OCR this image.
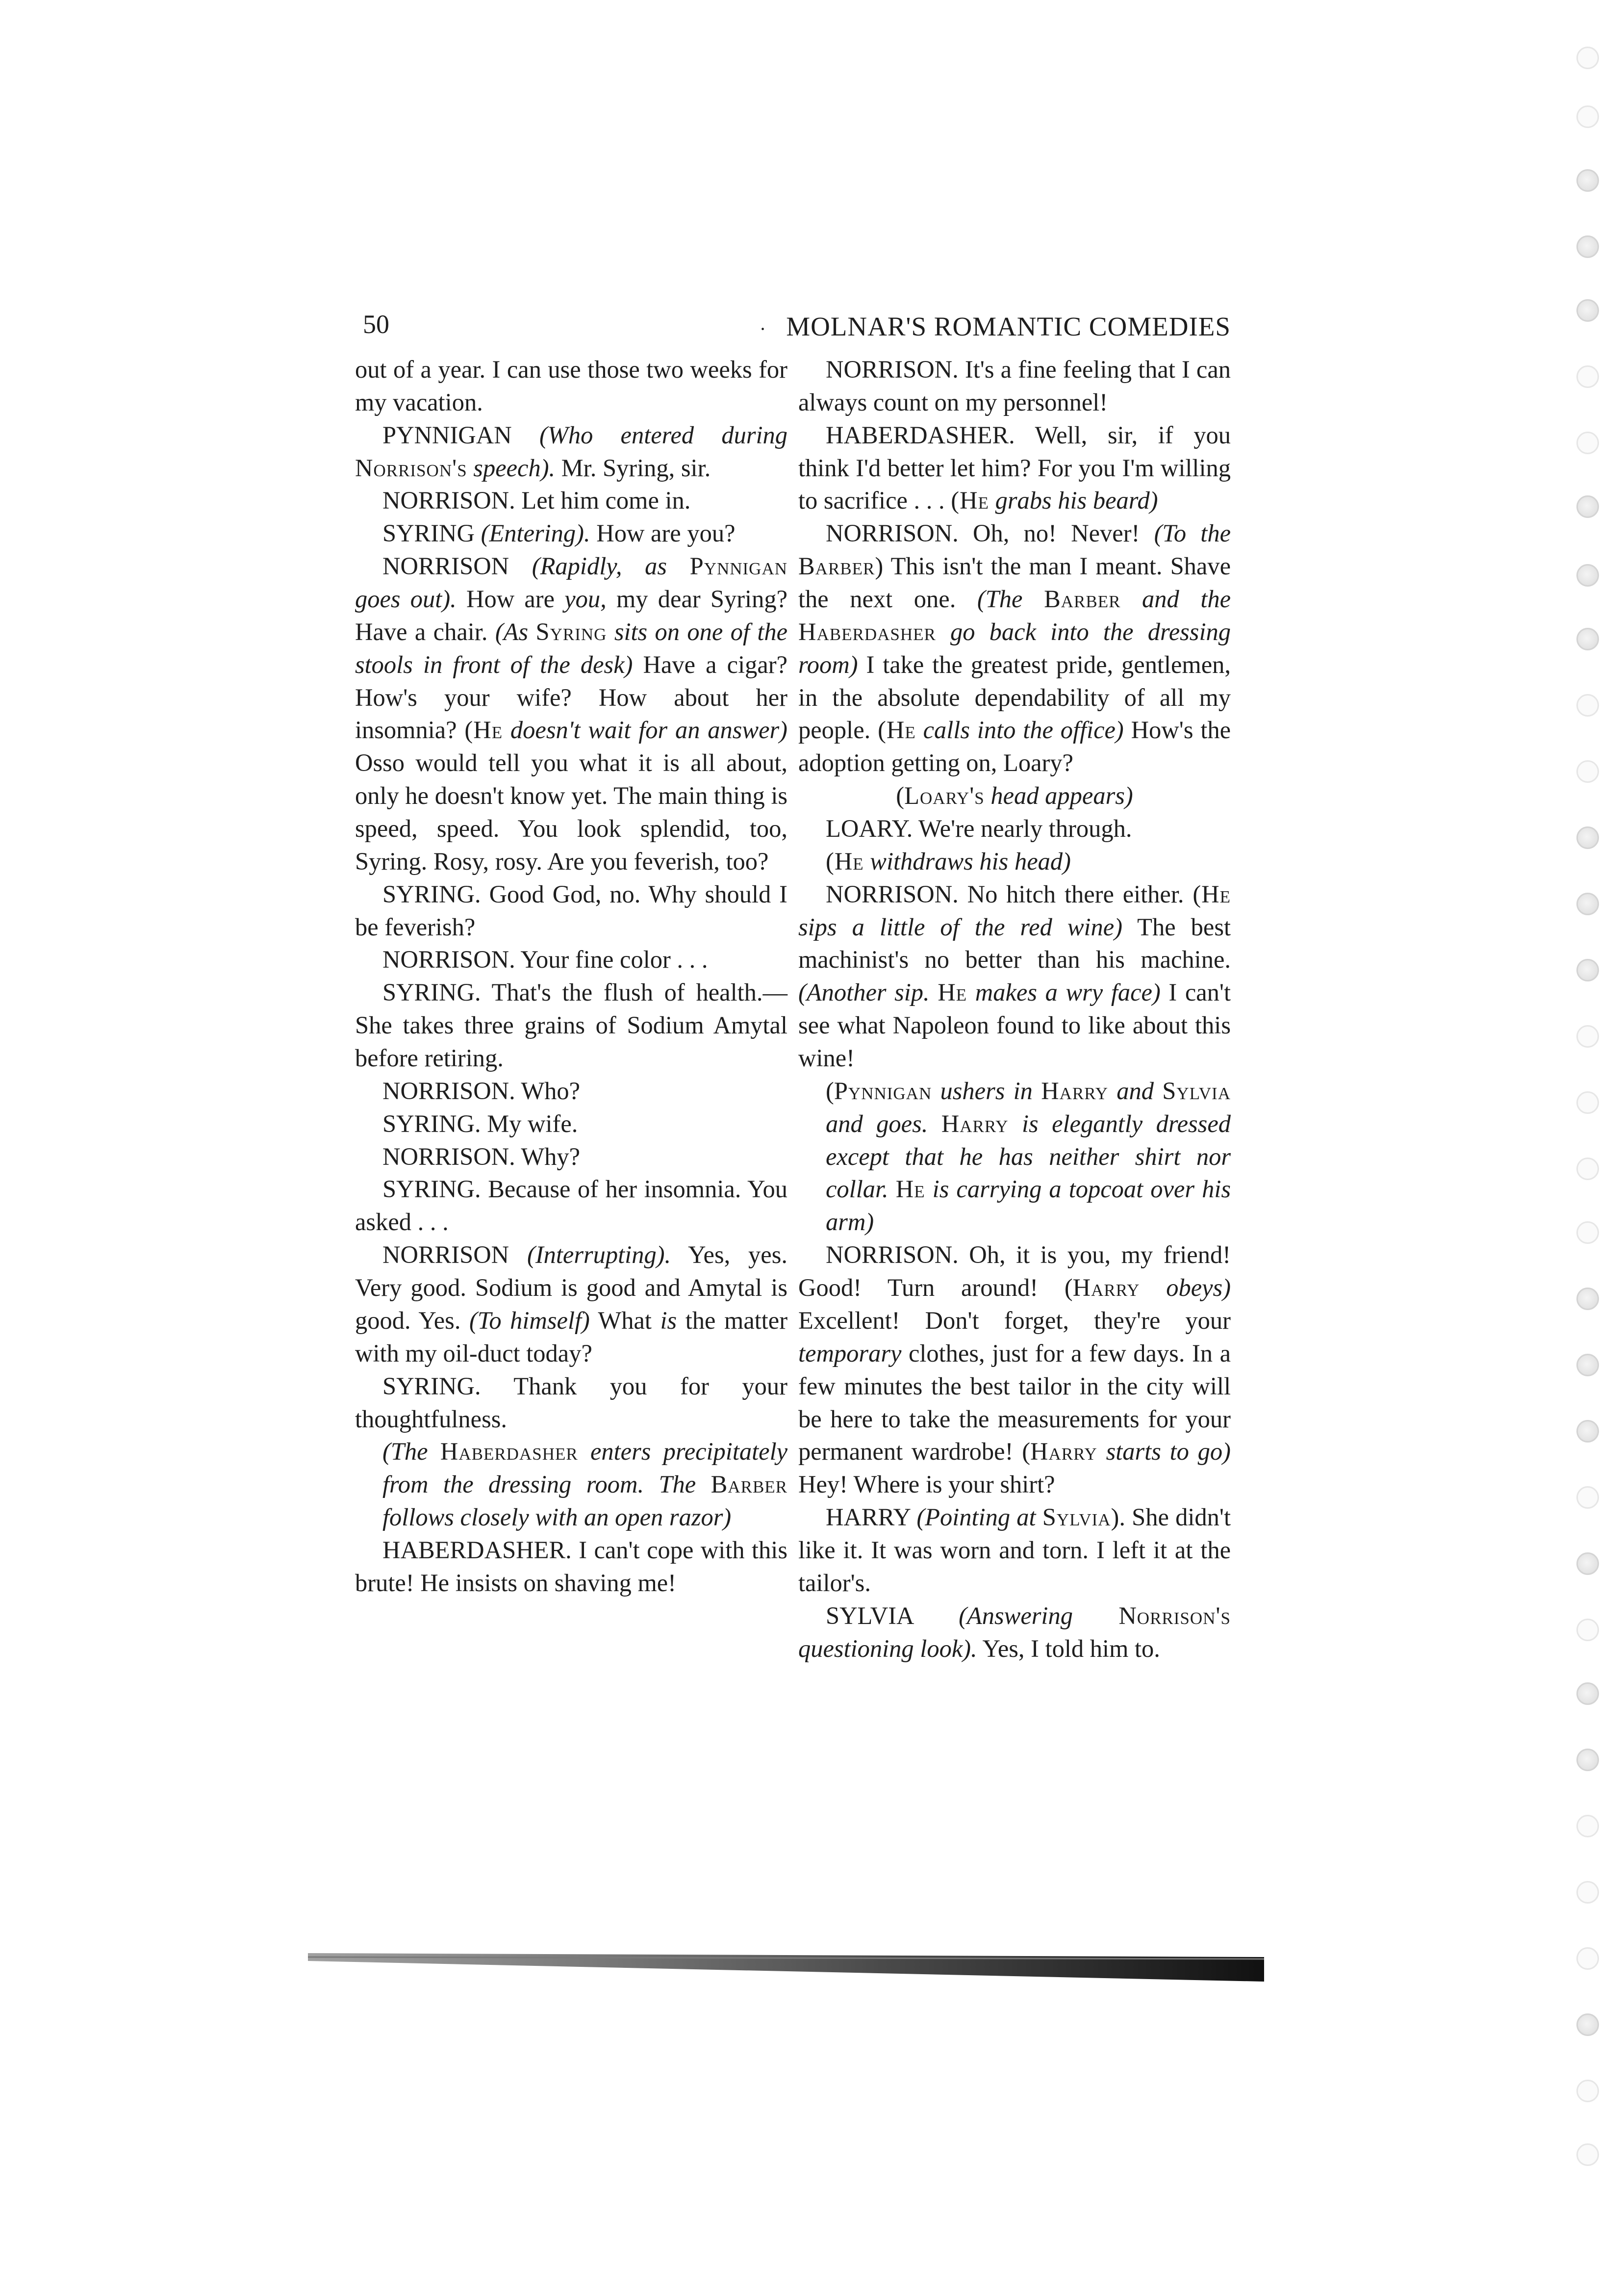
50	· MOLNAR'S ROMANTIC COMEDIES

out of a year. I can use those two weeks for my vacation.

PYNNIGAN (Who entered during Norrison's speech). Mr. Syring, sir.

NORRISON. Let him come in.

SYRING (Entering). How are you?

NORRISON (Rapidly, as Pynnigan goes out). How are you, my dear Syring? Have a chair. (As Syring sits on one of the stools in front of the desk) Have a cigar? How's your wife? How about her insomnia? (He doesn't wait for an answer) Osso would tell you what it is all about, only he doesn't know yet. The main thing is speed, speed. You look splendid, too, Syring. Rosy, rosy. Are you feverish, too?

SYRING. Good God, no. Why should I be feverish?

NORRISON. Your fine color . . .

SYRING. That's the flush of health.—She takes three grains of Sodium Amytal before retiring.

NORRISON. Who?

SYRING. My wife.

NORRISON. Why?

SYRING. Because of her insomnia. You asked . . .

NORRISON (Interrupting). Yes, yes. Very good. Sodium is good and Amytal is good. Yes. (To himself) What is the matter with my oil-duct today?

SYRING. Thank you for your thoughtfulness.

(The Haberdasher enters precipitately from the dressing room. The Barber follows closely with an open razor)

HABERDASHER. I can't cope with this brute! He insists on shaving me!

NORRISON. It's a fine feeling that I can always count on my personnel!

HABERDASHER. Well, sir, if you think I'd better let him? For you I'm willing to sacrifice . . . (He grabs his beard)

NORRISON. Oh, no! Never! (To the Barber) This isn't the man I meant. Shave the next one. (The Barber and the Haberdasher go back into the dressing room) I take the greatest pride, gentlemen, in the absolute dependability of all my people. (He calls into the office) How's the adoption getting on, Loary?

(Loary's head appears)

LOARY. We're nearly through.

(He withdraws his head)

NORRISON. No hitch there either. (He sips a little of the red wine) The best machinist's no better than his machine. (Another sip. He makes a wry face) I can't see what Napoleon found to like about this wine!

(Pynnigan ushers in Harry and Sylvia and goes. Harry is elegantly dressed except that he has neither shirt nor collar. He is carrying a topcoat over his arm)

NORRISON. Oh, it is you, my friend! Good! Turn around! (Harry obeys) Excellent! Don't forget, they're your temporary clothes, just for a few days. In a few minutes the best tailor in the city will be here to take the measurements for your permanent wardrobe! (Harry starts to go) Hey! Where is your shirt?

HARRY (Pointing at Sylvia). She didn't like it. It was worn and torn. I left it at the tailor's.

SYLVIA (Answering Norrison's questioning look). Yes, I told him to.
